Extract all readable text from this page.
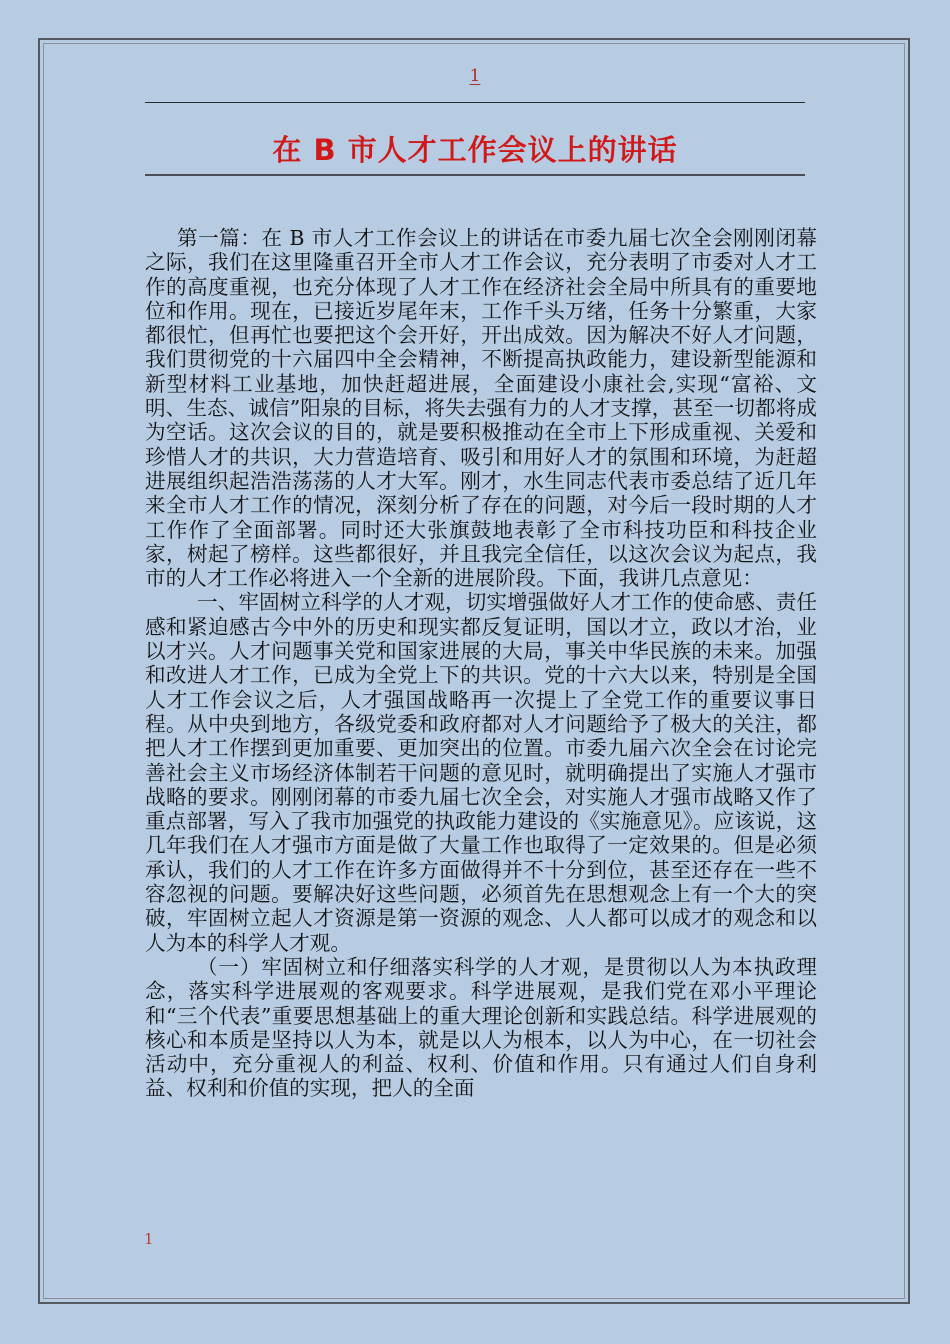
1
在 B 市人才工作会议上的讲话

第一篇：在 B 市人才工作会议上的讲话在市委九届七次全会刚刚闭幕之际，我们在这里隆重召开全市人才工作会议，充分表明了市委对人才工作的高度重视，也充分体现了人才工作在经济社会全局中所具有的重要地位和作用。现在，已接近岁尾年末，工作千头万绪，任务十分繁重，大家都很忙，但再忙也要把这个会开好，开出成效。因为解决不好人才问题，我们贯彻党的十六届四中全会精神，不断提高执政能力，建设新型能源和新型材料工业基地，加快赶超进展，全面建设小康社会,实现“富裕、文明、生态、诚信”阳泉的目标，将失去强有力的人才支撑，甚至一切都将成为空话。这次会议的目的，就是要积极推动在全市上下形成重视、关爱和珍惜人才的共识，大力营造培育、吸引和用好人才的氛围和环境，为赶超进展组织起浩浩荡荡的人才大军。刚才，水生同志代表市委总结了近几年来全市人才工作的情况，深刻分析了存在的问题，对今后一段时期的人才工作作了全面部署。同时还大张旗鼓地表彰了全市科技功臣和科技企业家，树起了榜样。这些都很好，并且我完全信任，以这次会议为起点，我市的人才工作必将进入一个全新的进展阶段。下面，我讲几点意见：

一、牢固树立科学的人才观，切实增强做好人才工作的使命感、责任感和紧迫感古今中外的历史和现实都反复证明，国以才立，政以才治，业以才兴。人才问题事关党和国家进展的大局，事关中华民族的未来。加强和改进人才工作，已成为全党上下的共识。党的十六大以来，特别是全国人才工作会议之后，人才强国战略再一次提上了全党工作的重要议事日程。从中央到地方，各级党委和政府都对人才问题给予了极大的关注，都把人才工作摆到更加重要、更加突出的位置。市委九届六次全会在讨论完善社会主义市场经济体制若干问题的意见时，就明确提出了实施人才强市战略的要求。刚刚闭幕的市委九届七次全会，对实施人才强市战略又作了重点部署，写入了我市加强党的执政能力建设的《实施意见》。应该说，这几年我们在人才强市方面是做了大量工作也取得了一定效果的。但是必须承认，我们的人才工作在许多方面做得并不十分到位，甚至还存在一些不容忽视的问题。要解决好这些问题，必须首先在思想观念上有一个大的突破，牢固树立起人才资源是第一资源的观念、人人都可以成才的观念和以人为本的科学人才观。

（一）牢固树立和仔细落实科学的人才观，是贯彻以人为本执政理念，落实科学进展观的客观要求。科学进展观，是我们党在邓小平理论和“三个代表”重要思想基础上的重大理论创新和实践总结。科学进展观的核心和本质是坚持以人为本，就是以人为根本，以人为中心，在一切社会活动中，充分重视人的利益、权利、价值和作用。只有通过人们自身利益、权利和价值的实现，把人的全面

1
